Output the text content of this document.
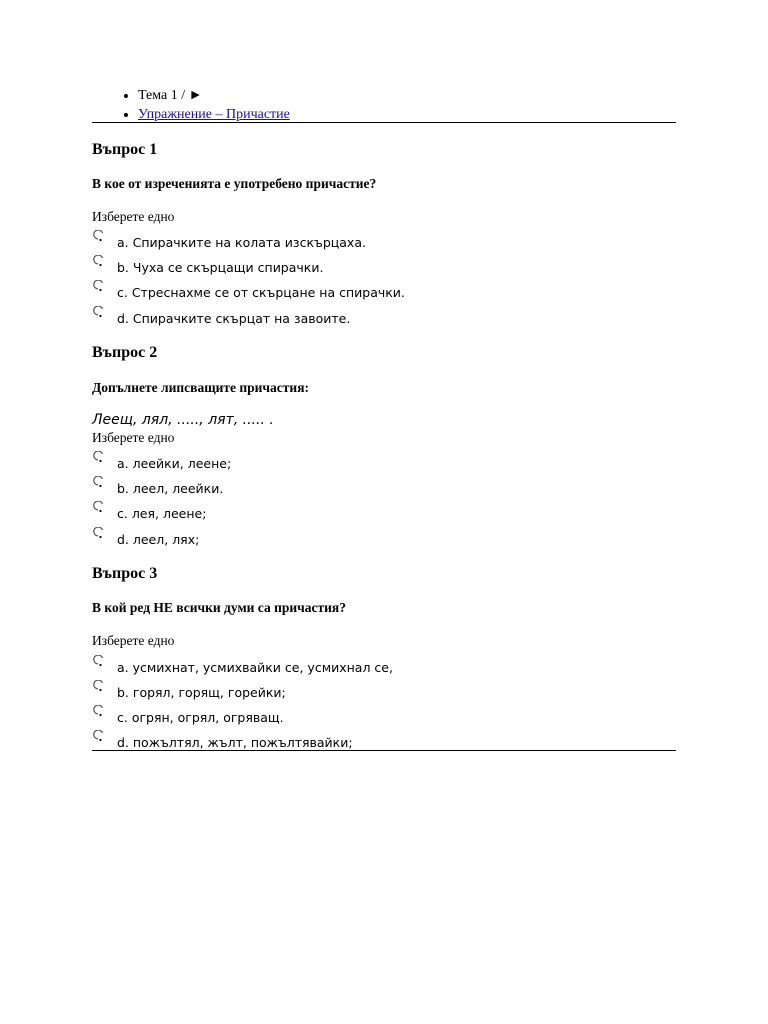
• Тема 1 / ►
• Упражнение – Причастие
Въпрос 1
В кое от изреченията е употребено причастие?
Изберете едно
a. Спирачките на колата изскърцаха.
b. Чуха се скърцащи спирачки.
c. Стреснахме се от скърцане на спирачки.
d. Спирачките скърцат на завоите.
Въпрос 2
Допълнете липсващите причастия:
Леещ, лял, ....., лят, ..... .
Изберете едно
a. леейки, леене;
b. леел, леейки.
c. лея, леене;
d. леел, лях;
Въпрос 3
В кой ред НЕ всички думи са причастия?
Изберете едно
a. усмихнат, усмихвайки се, усмихнал се,
b. горял, горящ, горейки;
c. огрян, огрял, огряващ.
d. пожълтял, жълт, пожълтявайки;
